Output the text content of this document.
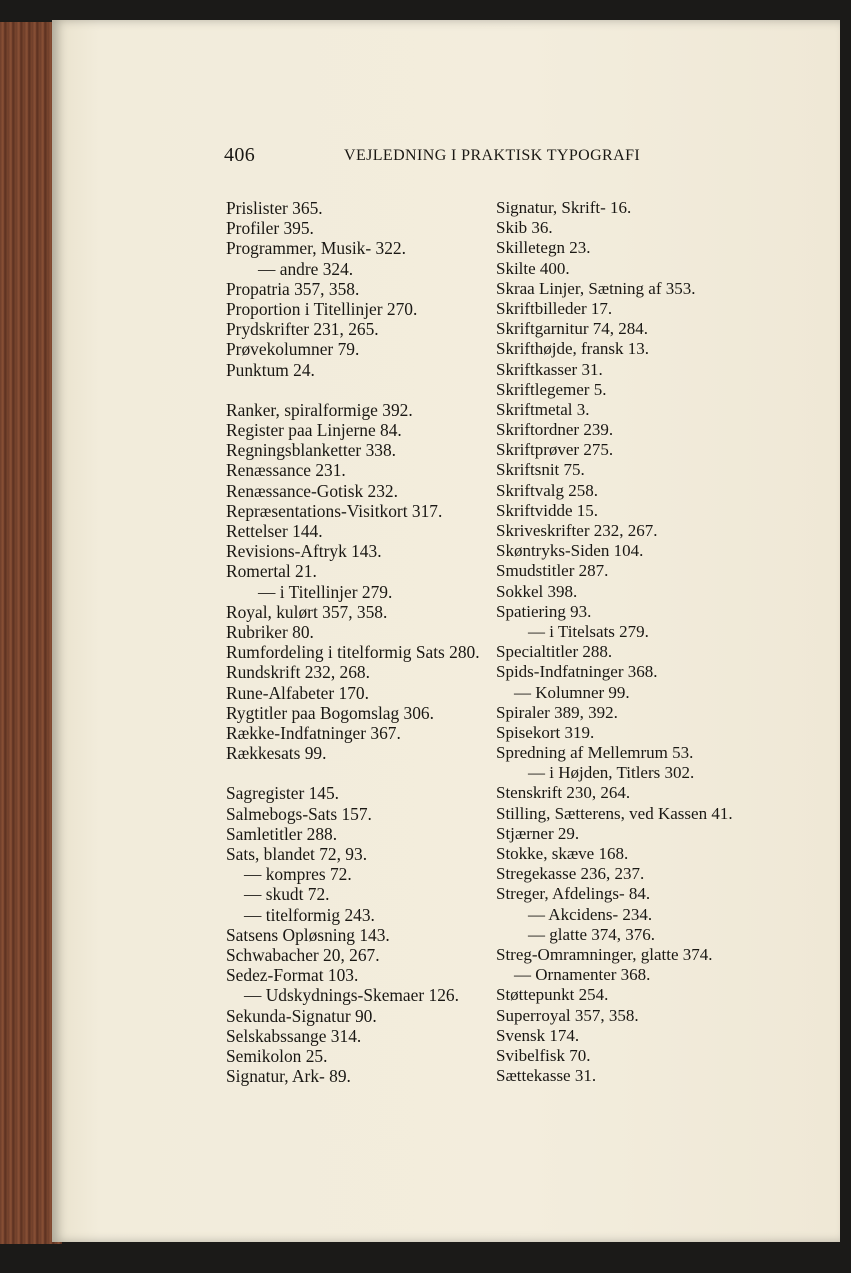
406	VEJLEDNING I PRAKTISK TYPOGRAFI
Prislister 365.
Profiler 395.
Programmer, Musik- 322.
— andre 324.
Propatria 357, 358.
Proportion i Titellinjer 270.
Prydskrifter 231, 265.
Prøvekolumner 79.
Punktum 24.
Ranker, spiralformige 392.
Register paa Linjerne 84.
Regningsblanketter 338.
Renæssance 231.
Renæssance-Gotisk 232.
Repræsentations-Visitkort 317.
Rettelser 144.
Revisions-Aftryk 143.
Romertal 21.
— i Titellinjer 279.
Royal, kulørt 357, 358.
Rubriker 80.
Rumfordeling i titelformig Sats 280.
Rundskrift 232, 268.
Rune-Alfabeter 170.
Rygtitler paa Bogomslag 306.
Række-Indfatninger 367.
Rækkesats 99.
Sagregister 145.
Salmebogs-Sats 157.
Samletitler 288.
Sats, blandet 72, 93.
— kompres 72.
— skudt 72.
— titelformig 243.
Satsens Opløsning 143.
Schwabacher 20, 267.
Sedez-Format 103.
— Udskydnings-Skemaer 126.
Sekunda-Signatur 90.
Selskabssange 314.
Semikolon 25.
Signatur, Ark- 89.
Signatur, Skrift- 16.
Skib 36.
Skilletegn 23.
Skilte 400.
Skraa Linjer, Sætning af 353.
Skriftbilleder 17.
Skriftgarnitur 74, 284.
Skrifthøjde, fransk 13.
Skriftkasser 31.
Skriftlegemer 5.
Skriftmetal 3.
Skriftordner 239.
Skriftprøver 275.
Skriftsnit 75.
Skriftvalg 258.
Skriftvidde 15.
Skriveskrifter 232, 267.
Skøntryks-Siden 104.
Smudstitler 287.
Sokkel 398.
Spatiering 93.
— i Titelsats 279.
Specialtitler 288.
Spids-Indfatninger 368.
— Kolumner 99.
Spiraler 389, 392.
Spisekort 319.
Spredning af Mellemrum 53.
— i Højden, Titlers 302.
Stenskrift 230, 264.
Stilling, Sætterens, ved Kassen 41.
Stjærner 29.
Stokke, skæve 168.
Stregekasse 236, 237.
Streger, Afdelings- 84.
— Akcidens- 234.
— glatte 374, 376.
Streg-Omramninger, glatte 374.
— Ornamenter 368.
Støttepunkt 254.
Superroyal 357, 358.
Svensk 174.
Svibelfisk 70.
Sættekasse 31.
